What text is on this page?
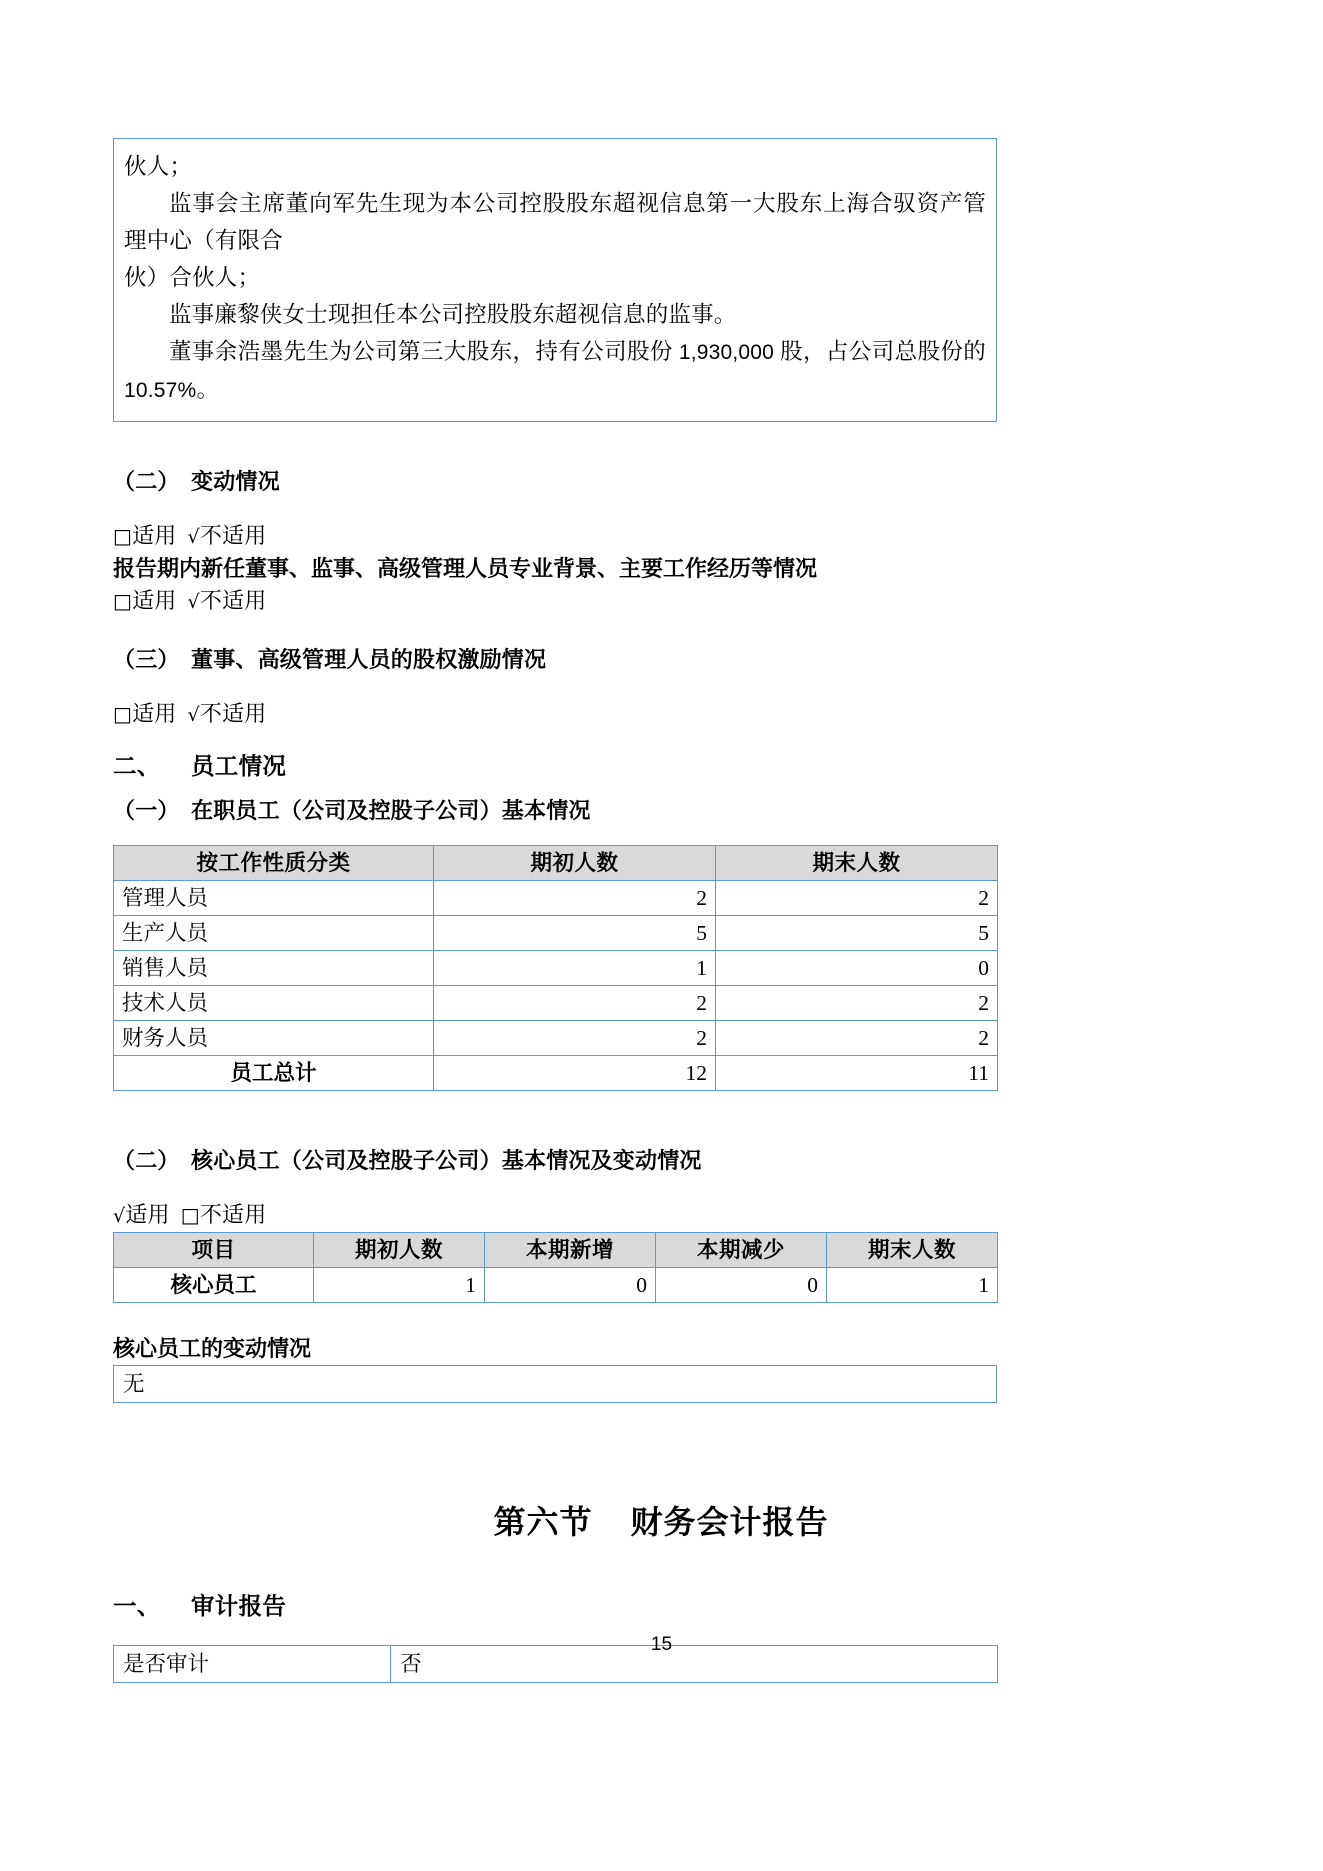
伙人；

监事会主席董向军先生现为本公司控股股东超视信息第一大股东上海合驭资产管理中心（有限合

伙）合伙人；

监事廉黎侠女士现担任本公司控股股东超视信息的监事。

董事余浩墨先生为公司第三大股东，持有公司股份 1,930,000 股，占公司总股份的 10.57%。

（二） 变动情况

□适用 √不适用

报告期内新任董事、监事、高级管理人员专业背景、主要工作经历等情况

□适用 √不适用

（三） 董事、高级管理人员的股权激励情况

□适用 √不适用

二、 员工情况
（一） 在职员工（公司及控股子公司）基本情况
按工作性质分类	期初人数	期末人数
管理人员	2	2
生产人员	5	5
销售人员	1	0
技术人员	2	2
财务人员	2	2
员工总计	12	11
（二） 核心员工（公司及控股子公司）基本情况及变动情况

√适用 □不适用

项目	期初人数	本期新增	本期减少	期末人数
核心员工	1	0	0	1

核心员工的变动情况

无
第六节 财务会计报告
一、 审计报告
是否审计	否
15
